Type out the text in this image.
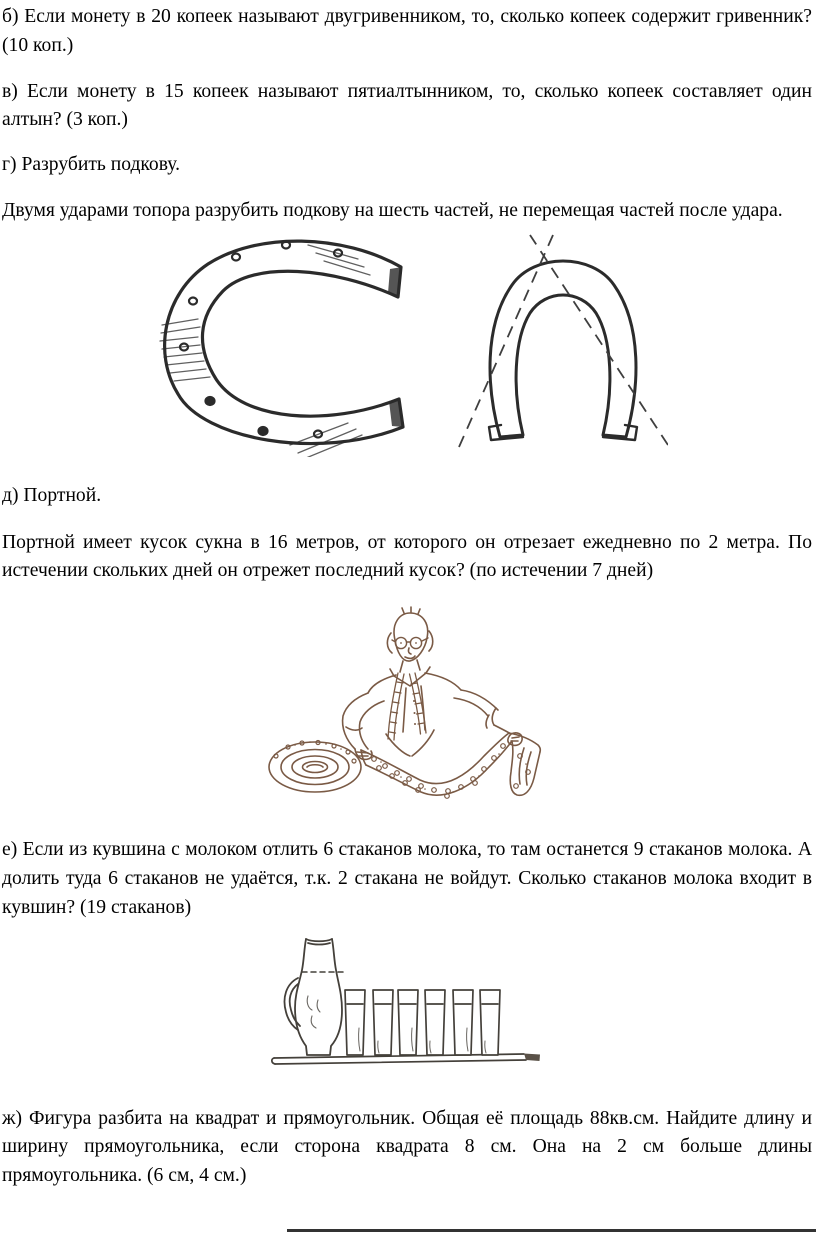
б) Если монету в 20 копеек называют двугривенником, то, сколько копеек содержит гривенник? (10 коп.)

в) Если монету в 15 копеек называют пятиалтынником, то, сколько копеек составляет один алтын? (3 коп.)

г) Разрубить подкову.

Двумя ударами топора разрубить подкову на шесть частей, не перемещая частей после удара.

д) Портной.

Портной имеет кусок сукна в 16 метров, от которого он отрезает ежедневно по 2 метра. По истечении скольких дней он отрежет последний кусок? (по истечении 7 дней)

е) Если из кувшина с молоком отлить 6 стаканов молока, то там останется 9 стаканов молока. А долить туда 6 стаканов не удаётся, т.к. 2 стакана не войдут. Сколько стаканов молока входит в кувшин? (19 стаканов)

ж) Фигура разбита на квадрат и прямоугольник. Общая её площадь 88кв.см. Найдите длину и ширину прямоугольника, если сторона квадрата 8 см. Она на 2 см больше длины прямоугольника. (6 см, 4 см.)
